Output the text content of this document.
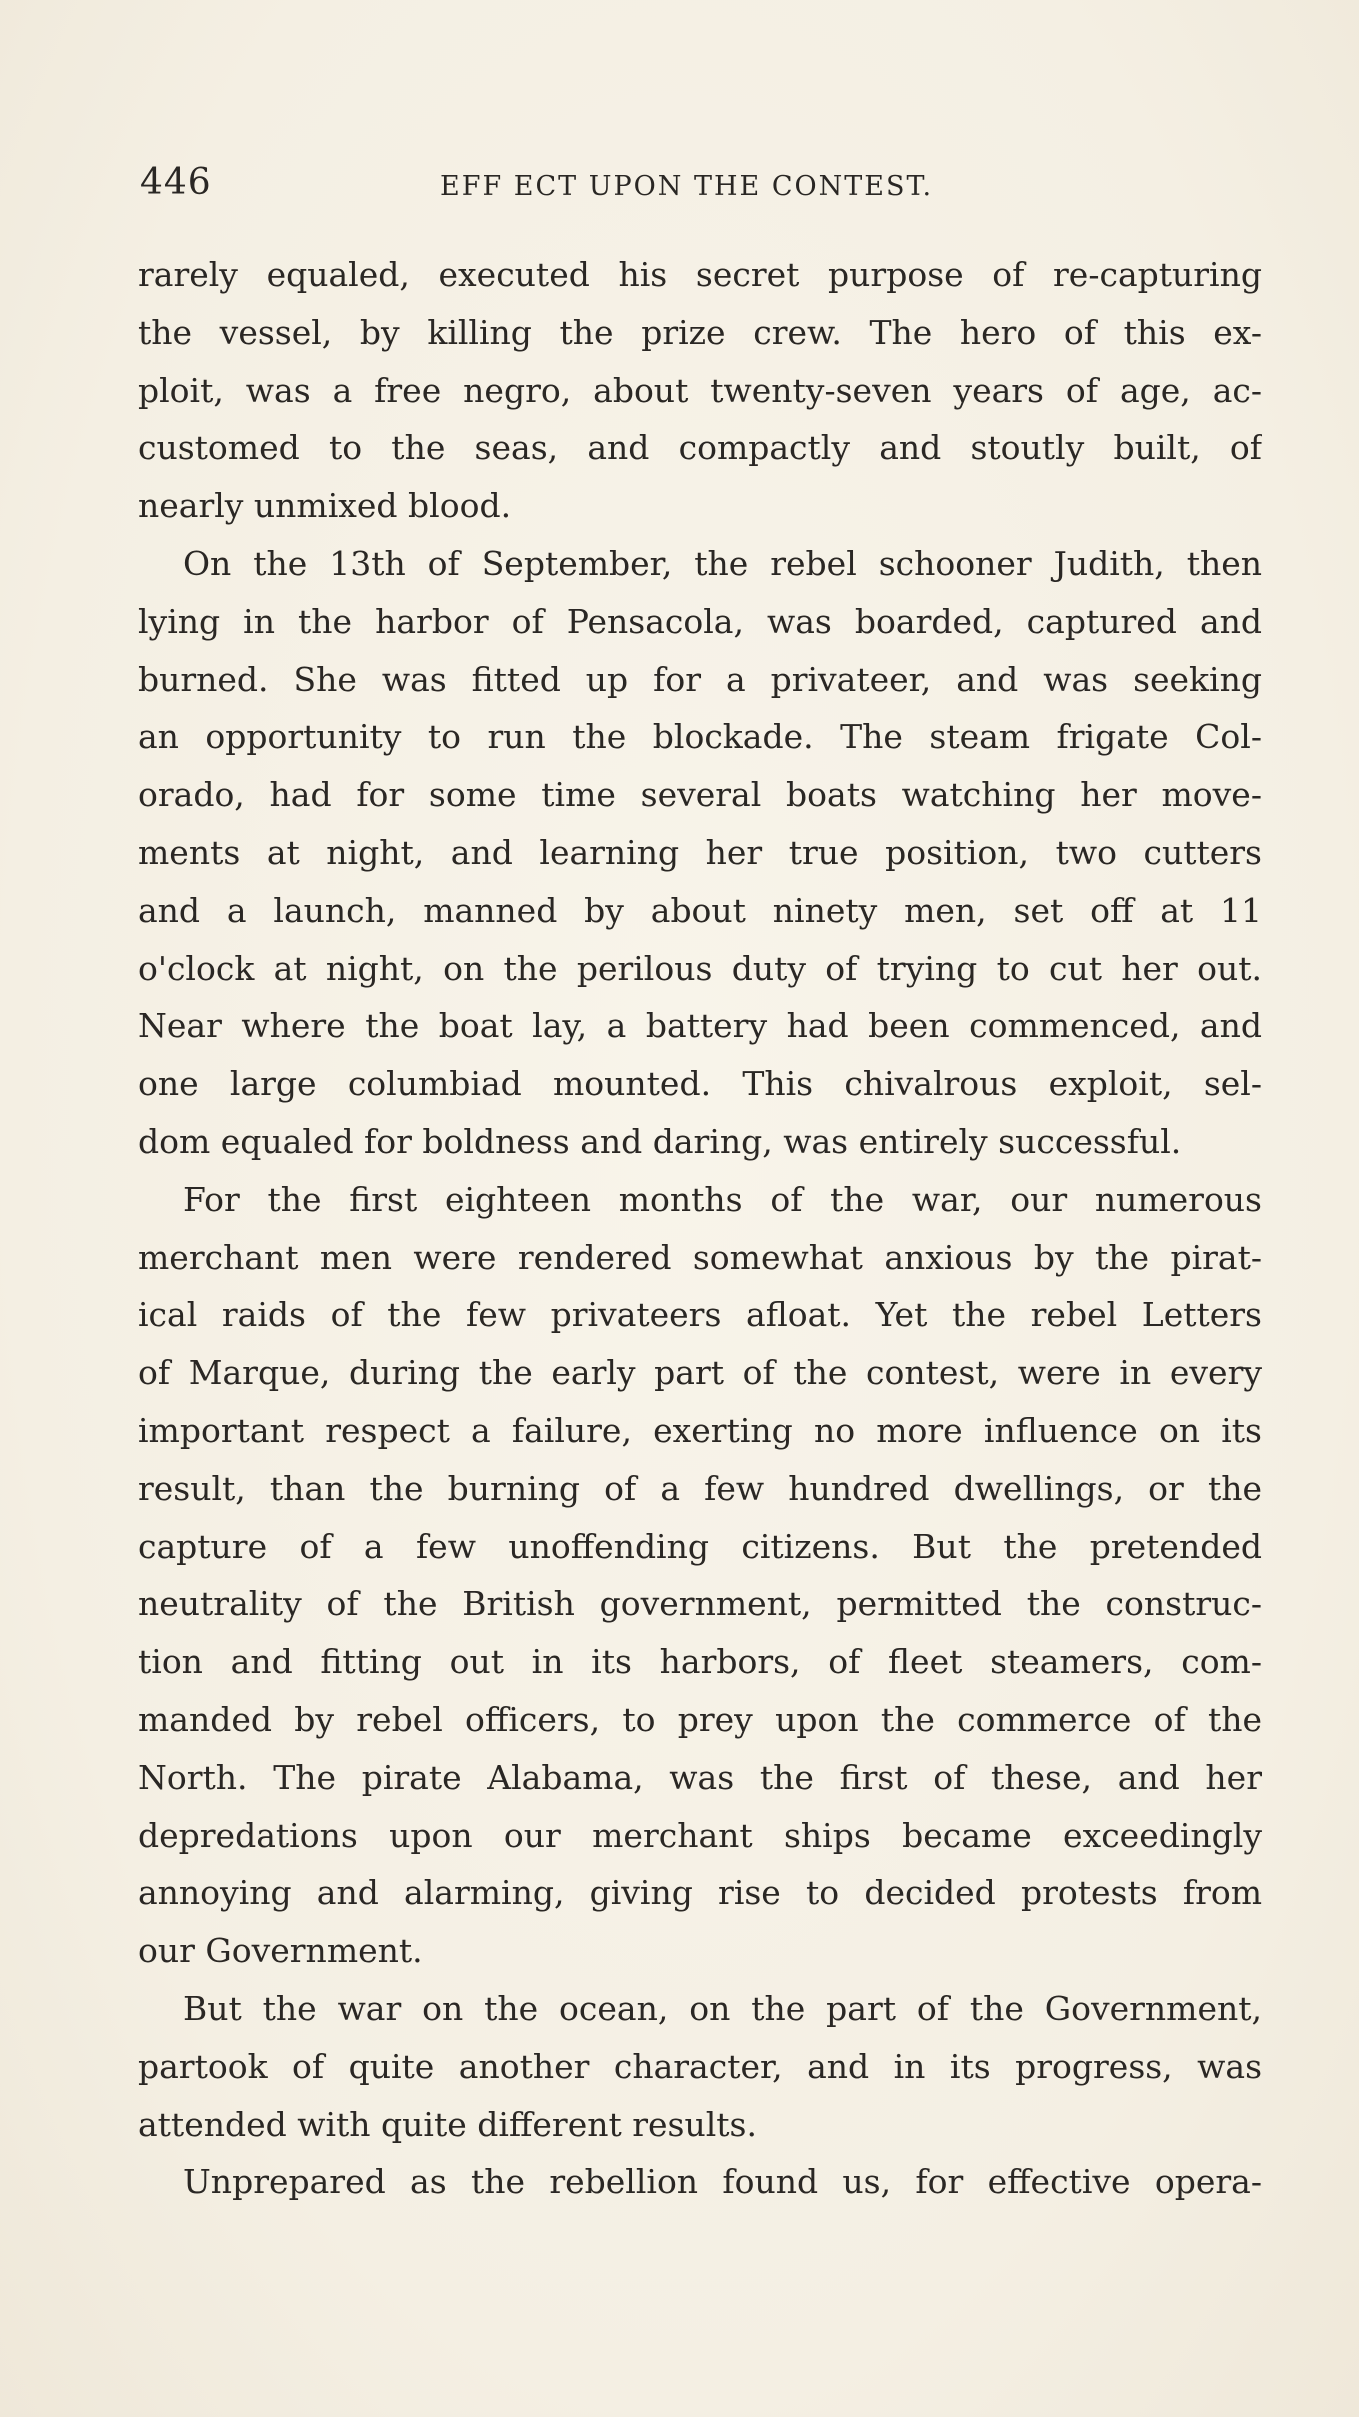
446	EFF ECT UPON THE CONTEST.
rarely equaled, executed his secret purpose of re-capturing
the vessel, by killing the prize crew. The hero of this ex-
ploit, was a free negro, about twenty-seven years of age, ac-
customed to the seas, and compactly and stoutly built, of
nearly unmixed blood.
On the 13th of September, the rebel schooner Judith, then
lying in the harbor of Pensacola, was boarded, captured and
burned. She was fitted up for a privateer, and was seeking
an opportunity to run the blockade. The steam frigate Col-
orado, had for some time several boats watching her move-
ments at night, and learning her true position, two cutters
and a launch, manned by about ninety men, set off at 11
o'clock at night, on the perilous duty of trying to cut her out.
Near where the boat lay, a battery had been commenced, and
one large columbiad mounted. This chivalrous exploit, sel-
dom equaled for boldness and daring, was entirely successful.
For the first eighteen months of the war, our numerous
merchant men were rendered somewhat anxious by the pirat-
ical raids of the few privateers afloat. Yet the rebel Letters
of Marque, during the early part of the contest, were in every
important respect a failure, exerting no more influence on its
result, than the burning of a few hundred dwellings, or the
capture of a few unoffending citizens. But the pretended
neutrality of the British government, permitted the construc-
tion and fitting out in its harbors, of fleet steamers, com-
manded by rebel officers, to prey upon the commerce of the
North. The pirate Alabama, was the first of these, and her
depredations upon our merchant ships became exceedingly
annoying and alarming, giving rise to decided protests from
our Government.
But the war on the ocean, on the part of the Government,
partook of quite another character, and in its progress, was
attended with quite different results.
Unprepared as the rebellion found us, for effective opera-
